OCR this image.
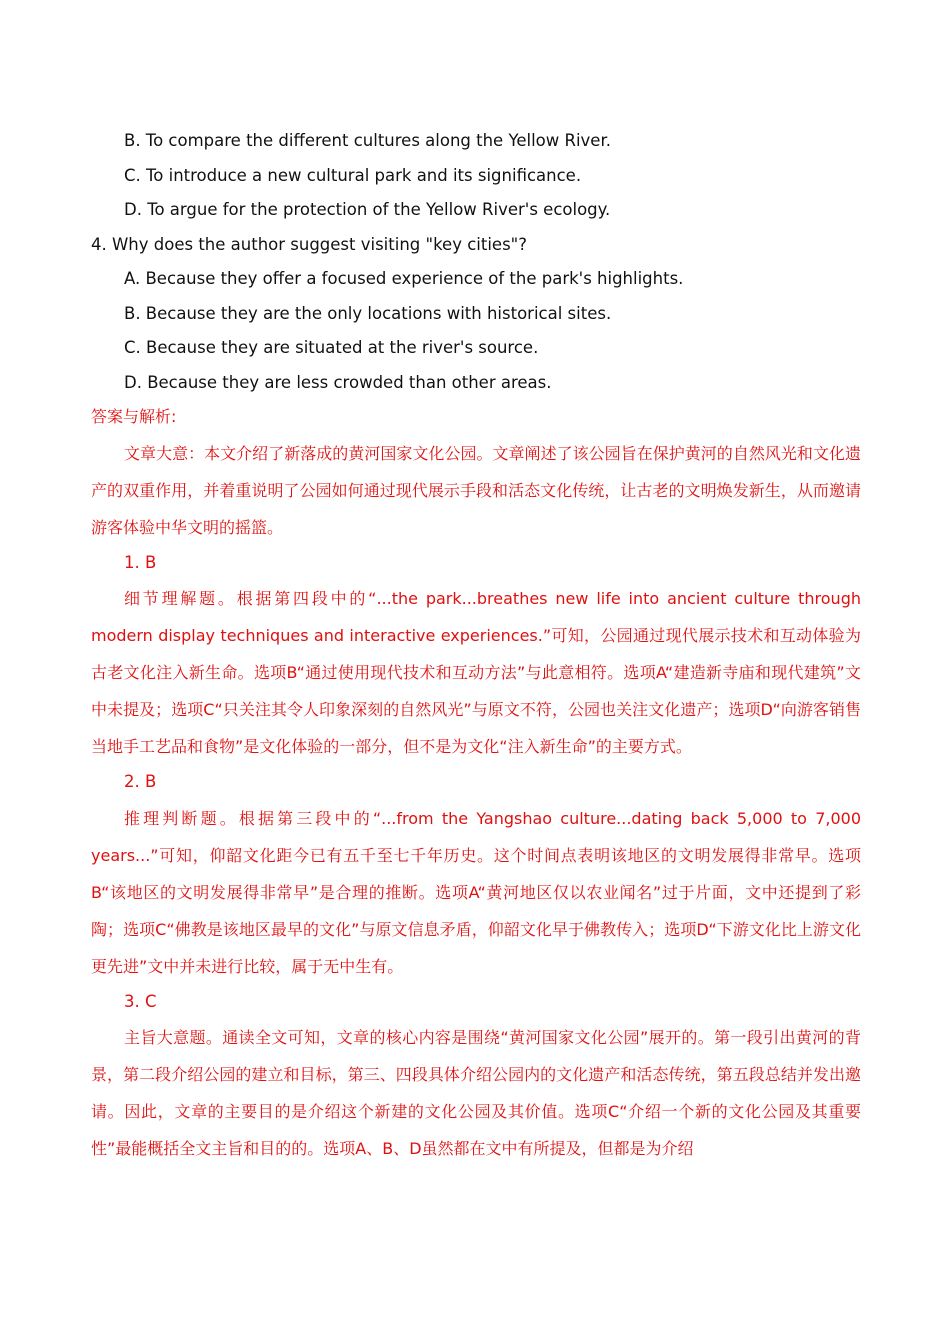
B. To compare the different cultures along the Yellow River.
C. To introduce a new cultural park and its significance.
D. To argue for the protection of the Yellow River's ecology.
4. Why does the author suggest visiting "key cities"?
A. Because they offer a focused experience of the park's highlights.
B. Because they are the only locations with historical sites.
C. Because they are situated at the river's source.
D. Because they are less crowded than other areas.
答案与解析:

文章大意：本文介绍了新落成的黄河国家文化公园。文章阐述了该公园旨在保护黄河的自然风光和文化遗产的双重作用，并着重说明了公园如何通过现代展示手段和活态文化传统，让古老的文明焕发新生，从而邀请游客体验中华文明的摇篮。

1. B

细节理解题。根据第四段中的“...the park...breathes new life into ancient culture through modern display techniques and interactive experiences.”可知，公园通过现代展示技术和互动体验为古老文化注入新生命。选项B“通过使用现代技术和互动方法”与此意相符。选项A“建造新寺庙和现代建筑”文中未提及；选项C“只关注其令人印象深刻的自然风光”与原文不符，公园也关注文化遗产；选项D“向游客销售当地手工艺品和食物”是文化体验的一部分，但不是为文化“注入新生命”的主要方式。

2. B

推理判断题。根据第三段中的“...from the Yangshao culture...dating back 5,000 to 7,000 years...”可知，仰韶文化距今已有五千至七千年历史。这个时间点表明该地区的文明发展得非常早。选项B“该地区的文明发展得非常早”是合理的推断。选项A“黄河地区仅以农业闻名”过于片面，文中还提到了彩陶；选项C“佛教是该地区最早的文化”与原文信息矛盾，仰韶文化早于佛教传入；选项D“下游文化比上游文化更先进”文中并未进行比较，属于无中生有。

3. C

主旨大意题。通读全文可知，文章的核心内容是围绕“黄河国家文化公园”展开的。第一段引出黄河的背景，第二段介绍公园的建立和目标，第三、四段具体介绍公园内的文化遗产和活态传统，第五段总结并发出邀请。因此，文章的主要目的是介绍这个新建的文化公园及其价值。选项C“介绍一个新的文化公园及其重要性”最能概括全文主旨和目的的。选项A、B、D虽然都在文中有所提及，但都是为介绍
